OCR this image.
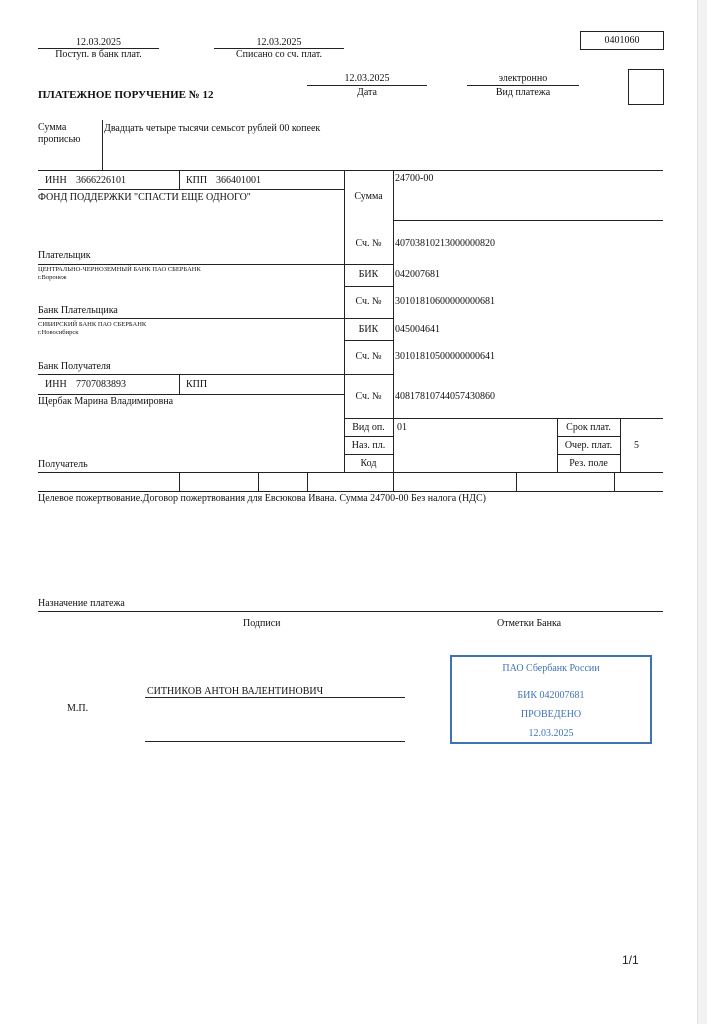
0401060
12.03.2025
Поступ. в банк плат.
12.03.2025
Списано со сч. плат.
ПЛАТЕЖНОЕ ПОРУЧЕНИЕ № 12
12.03.2025
Дата
электронно
Вид платежа
Сумма
прописью
Двадцать четыре тысячи семьсот рублей 00 копеек
ИНН 3666226101	КПП 366401001
ФОНД ПОДДЕРЖКИ "СПАСТИ ЕЩЕ ОДНОГО"
Плательщик
Сумма
24700-00
Сч. №	40703810213000000820
ЦЕНТРАЛЬНО-ЧЕРНОЗЕМНЫЙ БАНК ПАО СБЕРБАНК
г.Воронеж
Банк Плательщика
БИК	042007681
Сч. №	30101810600000000681
СИБИРСКИЙ БАНК ПАО СБЕРБАНК
г.Новосибирск
Банк Получателя
БИК	045004641
Сч. №	30101810500000000641
ИНН 7707083893	КПП
Щербак Марина Владимировна
Получатель
Сч. №	40817810744057430860
Вид оп.	01
Наз. пл.
Код
Срок плат.
Очер. плат.	5
Рез. поле
Целевое пожертвование.Договор пожертвования для Евсюкова Ивана. Сумма 24700-00 Без налога (НДС)
Назначение платежа
Подписи	Отметки Банка
М.П.
СИТНИКОВ АНТОН ВАЛЕНТИНОВИЧ
ПАО Сбербанк России
БИК 042007681
ПРОВЕДЕНО
12.03.2025
1/1
